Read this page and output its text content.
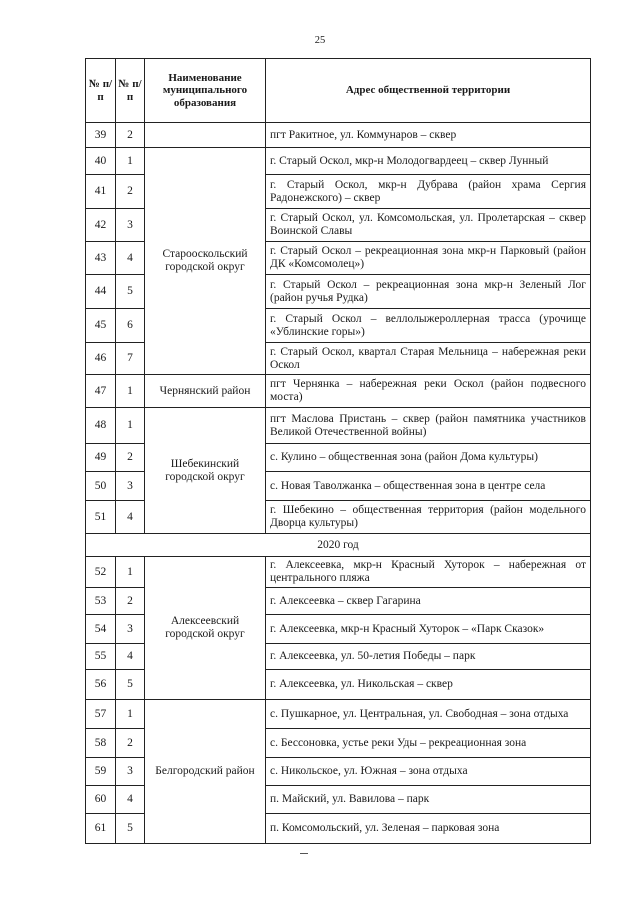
25
№ п/п	№ п/п	Наименование муниципального образования	Адрес общественной территории
39	2		пгт Ракитное, ул. Коммунаров – сквер
40	1	Старооскольский городской округ	г. Старый Оскол, мкр-н Молодогвардеец – сквер Лунный
41	2		г. Старый Оскол, мкр-н Дубрава (район храма Сергия Радонежского) – сквер
42	3		г. Старый Оскол, ул. Комсомольская, ул. Пролетарская – сквер Воинской Славы
43	4		г. Старый Оскол – рекреационная зона мкр-н Парковый (район ДК «Комсомолец»)
44	5		г. Старый Оскол – рекреационная зона мкр-н Зеленый Лог (район ручья Рудка)
45	6		г. Старый Оскол – веллолыжероллерная трасса (урочище «Ублинские горы»)
46	7		г. Старый Оскол, квартал Старая Мельница – набережная реки Оскол
47	1	Чернянский район	пгт Чернянка – набережная реки Оскол (район подвесного моста)
48	1	Шебекинский городской округ	пгт Маслова Пристань – сквер (район памятника участников Великой Отечественной войны)
49	2		с. Кулино – общественная зона (район Дома культуры)
50	3		с. Новая Таволжанка – общественная зона в центре села
51	4		г. Шебекино – общественная территория (район модельного Дворца культуры)
2020 год			
52	1	Алексеевский городской округ	г. Алексеевка, мкр-н Красный Хуторок – набережная от центрального пляжа
53	2		г. Алексеевка – сквер Гагарина
54	3		г. Алексеевка, мкр-н Красный Хуторок – «Парк Сказок»
55	4		г. Алексеевка, ул. 50-летия Победы – парк
56	5		г. Алексеевка, ул. Никольская – сквер
57	1	Белгородский район	с. Пушкарное, ул. Центральная, ул. Свободная – зона отдыха
58	2		с. Бессоновка, устье реки Уды – рекреационная зона
59	3		с. Никольское, ул. Южная – зона отдыха
60	4		п. Майский, ул. Вавилова – парк
61	5		п. Комсомольский, ул. Зеленая – парковая зона
